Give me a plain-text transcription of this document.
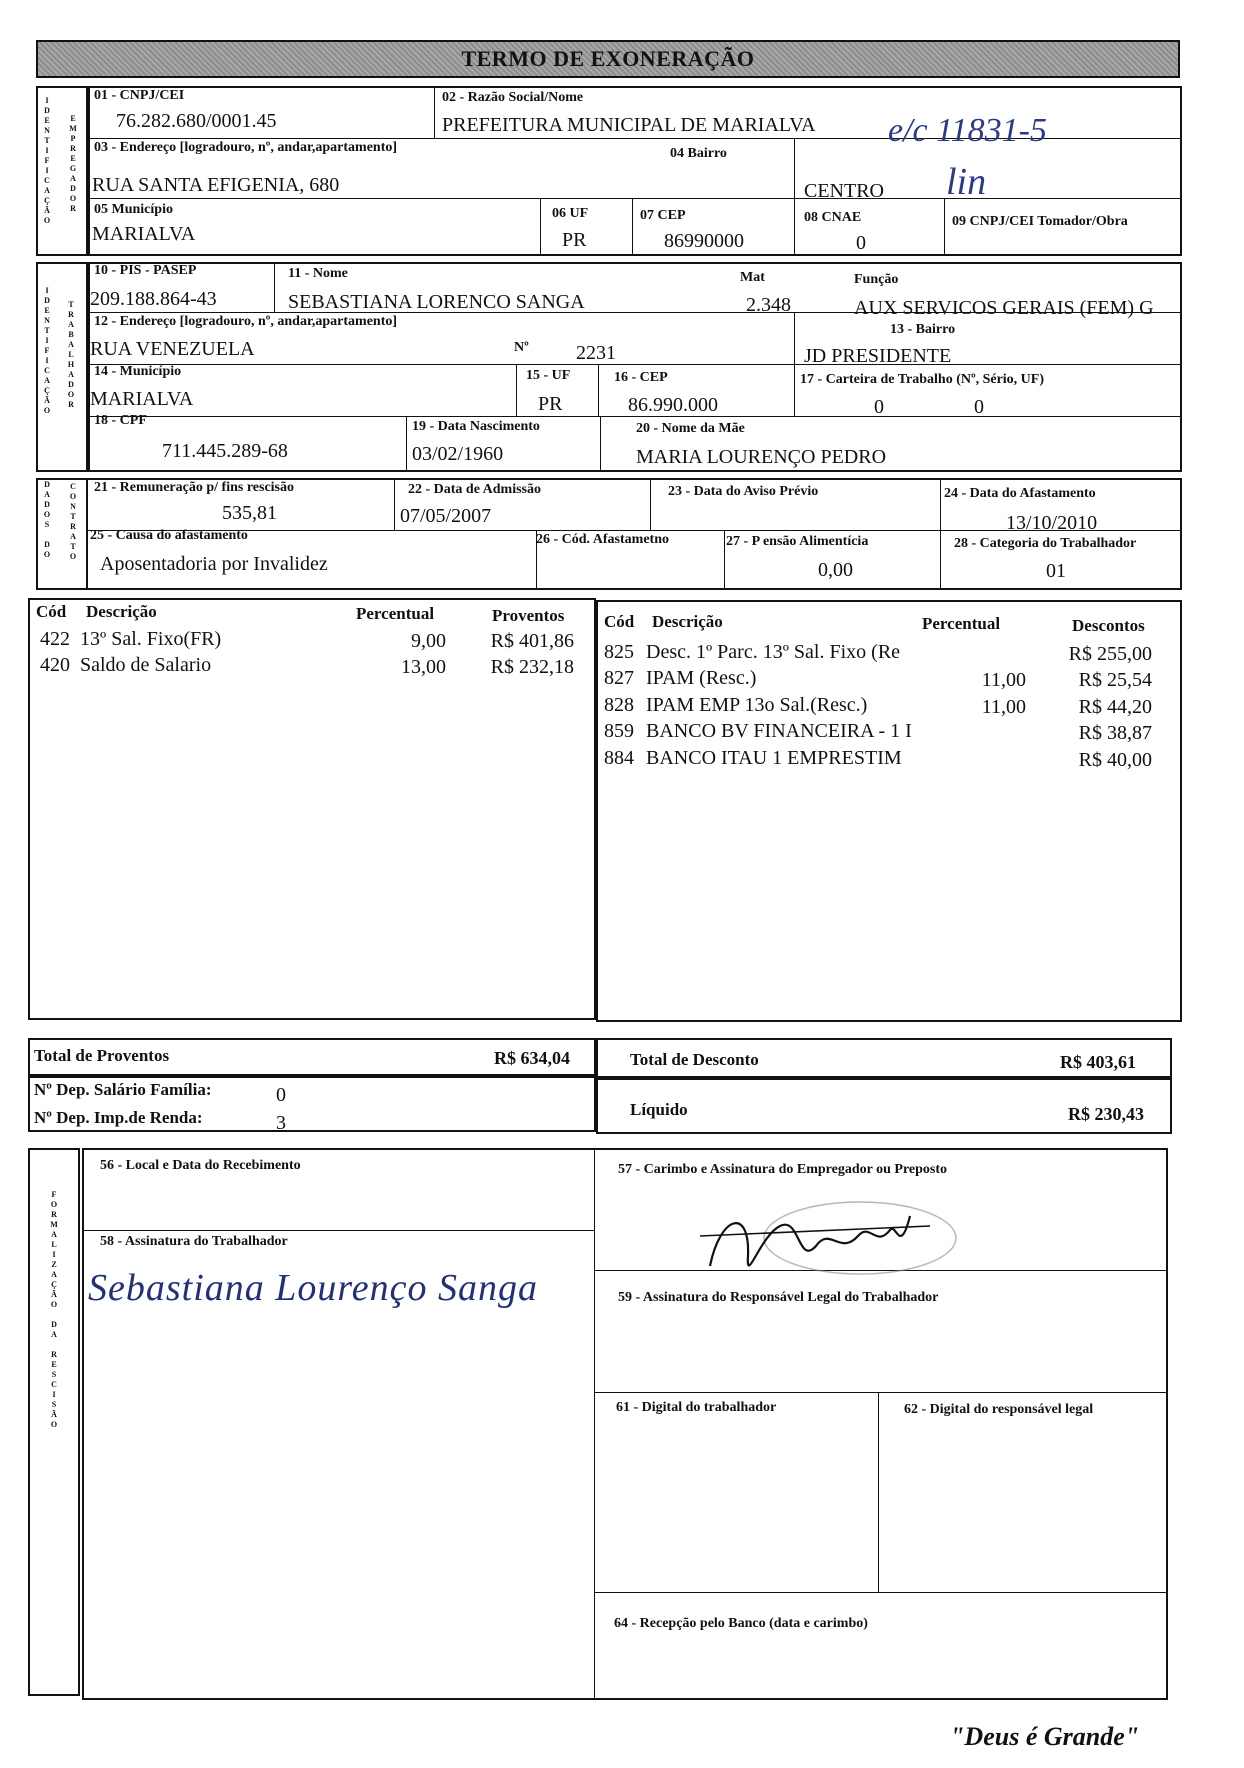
TERMO DE EXONERAÇÃO
I
D
E
N
T
I
F
I
C
A
Ç
Ã
O
E
M
P
R
E
G
A
D
O
R
01 - CNPJ/CEI
76.282.680/0001.45
02 - Razão Social/Nome
PREFEITURA MUNICIPAL DE MARIALVA
03 - Endereço [logradouro, nº, andar,apartamento]
RUA SANTA EFIGENIA, 680
04 Bairro
CENTRO
05 Município
MARIALVA
06 UF
PR
07 CEP
86990000
08 CNAE
0
09 CNPJ/CEI Tomador/Obra
I
D
E
N
T
I
F
I
C
A
Ç
Ã
O
T
R
A
B
A
L
H
A
D
O
R
10 - PIS - PASEP
209.188.864-43
11 - Nome
SEBASTIANA LORENCO SANGA
Mat
2.348
Função
AUX SERVICOS GERAIS (FEM) G
12 - Endereço [logradouro, nº, andar,apartamento]
RUA VENEZUELA	Nº 2231
13 - Bairro
JD PRESIDENTE
14 - Município
MARIALVA
15 - UF
PR
16 - CEP
86.990.000
17 - Carteira de Trabalho (Nº, Sério, UF)
0	0
18 - CPF
711.445.289-68
19 - Data Nascimento
03/02/1960
20 - Nome da Mãe
MARIA LOURENÇO PEDRO
D
A
D
O
S

D
O
C
O
N
T
R
A
T
O
21 - Remuneração p/ fins rescisão
535,81
22 - Data de Admissão
07/05/2007
23 - Data do Aviso Prévio	24 - Data do Afastamento
13/10/2010
25 - Causa do afastamento
Aposentadoria por Invalidez
26 - Cód. Afastametno	27 - P ensão Alimentícia
0,00
28 - Categoria do Trabalhador
01
Cód Descrição	Percentual	Proventos
422 13º Sal. Fixo(FR)	9,00	R$ 401,86
420 Saldo de Salario	13,00	R$ 232,18
Cód Descrição	Percentual	Descontos
825 Desc. 1º Parc. 13º Sal. Fixo (Re	R$ 255,00
827 IPAM (Resc.)	11,00	R$ 25,54
828 IPAM EMP 13o Sal.(Resc.)	11,00	R$ 44,20
859 BANCO BV FINANCEIRA - 1 I	R$ 38,87
884 BANCO ITAU 1 EMPRESTIM	R$ 40,00
Total de Proventos	R$ 634,04	Total de Desconto	R$ 403,61
Nº Dep. Salário Família:	0
Nº Dep. Imp.de Renda:	3
Líquido	R$ 230,43
F
O
R
M
A
L
I
Z
A
Ç
Ã
O

D
A

R
E
S
C
I
S
Ã
O
56 - Local e Data do Recebimento	57 - Carimbo e Assinatura do Empregador ou Preposto
58 - Assinatura do Trabalhador
59 - Assinatura do Responsável Legal do Trabalhador
61 - Digital do trabalhador	62 - Digital do responsável legal
64 - Recepção pelo Banco (data e carimbo)
e/c 11831-5
lin
Sebastiana Lourenço Sanga
"Deus é Grande"
